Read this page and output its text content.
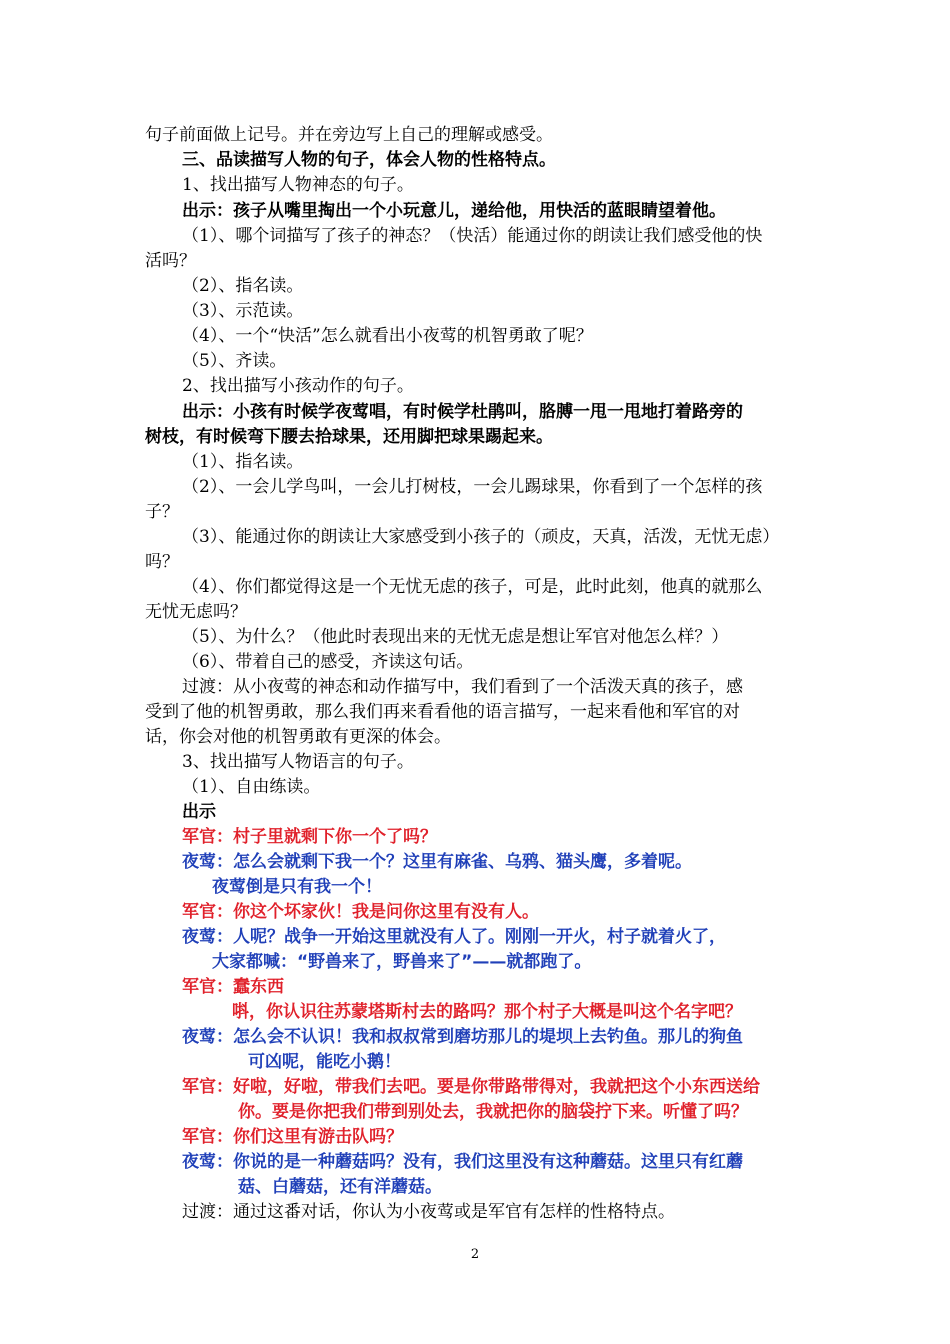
句子前面做上记号。并在旁边写上自己的理解或感受。
三、品读描写人物的句子，体会人物的性格特点。
1、找出描写人物神态的句子。
出示：孩子从嘴里掏出一个小玩意儿，递给他，用快活的蓝眼睛望着他。
（1）、哪个词描写了孩子的神态？（快活）能通过你的朗读让我们感受他的快
活吗？
（2）、指名读。
（3）、示范读。
（4）、一个“快活”怎么就看出小夜莺的机智勇敢了呢？
（5）、齐读。
2、找出描写小孩动作的句子。
出示：小孩有时候学夜莺唱，有时候学杜鹃叫，胳膊一甩一甩地打着路旁的
树枝，有时候弯下腰去拾球果，还用脚把球果踢起来。
（1）、指名读。
（2）、一会儿学鸟叫，一会儿打树枝，一会儿踢球果，你看到了一个怎样的孩
子？
（3）、能通过你的朗读让大家感受到小孩子的（顽皮，天真，活泼，无忧无虑）
吗？
（4）、你们都觉得这是一个无忧无虑的孩子，可是，此时此刻，他真的就那么
无忧无虑吗？
（5）、为什么？（他此时表现出来的无忧无虑是想让军官对他怎么样？）
（6）、带着自己的感受，齐读这句话。
过渡：从小夜莺的神态和动作描写中，我们看到了一个活泼天真的孩子，感
受到了他的机智勇敢，那么我们再来看看他的语言描写，一起来看他和军官的对
话，你会对他的机智勇敢有更深的体会。
3、找出描写人物语言的句子。
（1）、自由练读。
出示
军官：村子里就剩下你一个了吗？
夜莺：怎么会就剩下我一个？这里有麻雀、乌鸦、猫头鹰，多着呢。
夜莺倒是只有我一个！
军官：你这个坏家伙！我是问你这里有没有人。
夜莺：人呢？战争一开始这里就没有人了。刚刚一开火，村子就着火了，
大家都喊：“野兽来了，野兽来了”——就都跑了。
军官：蠢东西
唞，你认识往苏蒙塔斯村去的路吗？那个村子大概是叫这个名字吧？
夜莺：怎么会不认识！我和叔叔常到磨坊那儿的堤坝上去钓鱼。那儿的狗鱼
可凶呢，能吃小鹅！
军官：好啦，好啦，带我们去吧。要是你带路带得对，我就把这个小东西送给
你。要是你把我们带到别处去，我就把你的脑袋拧下来。听懂了吗？
军官：你们这里有游击队吗？
夜莺：你说的是一种蘑菇吗？没有，我们这里没有这种蘑菇。这里只有红蘑
菇、白蘑菇，还有洋蘑菇。
过渡：通过这番对话，你认为小夜莺或是军官有怎样的性格特点。
2
